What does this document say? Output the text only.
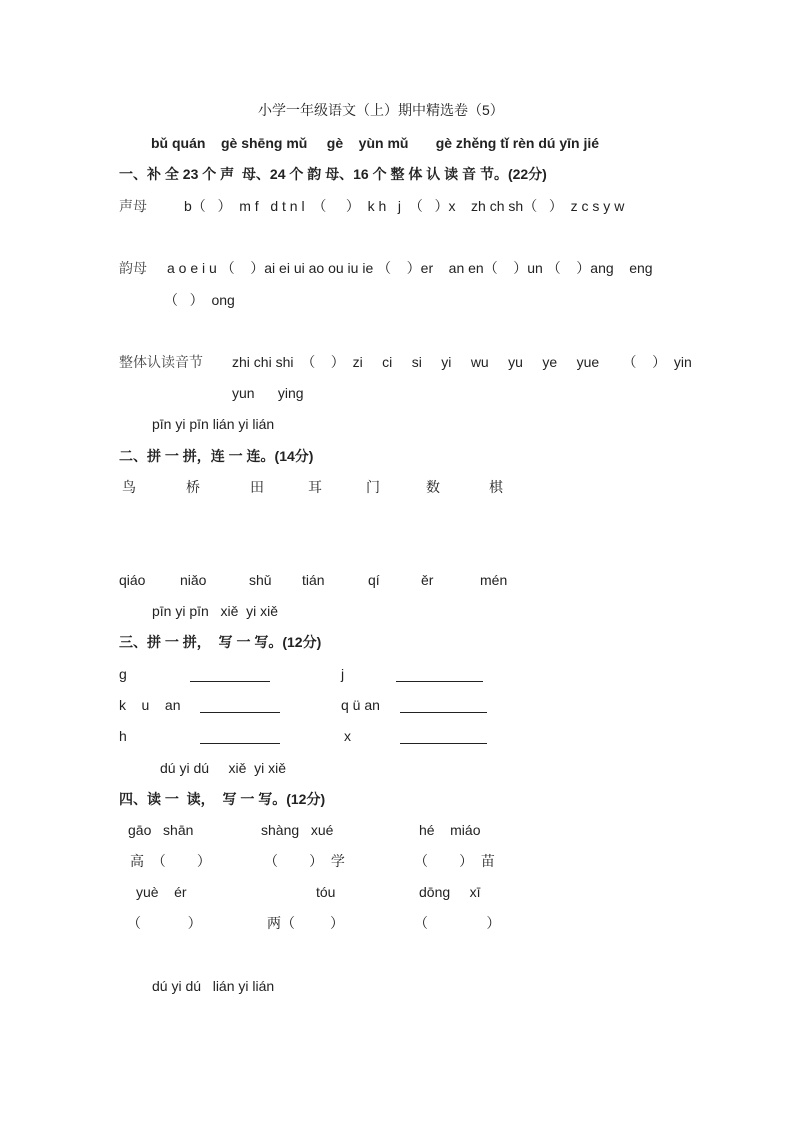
小学一年级语文（上）期中精选卷（5）
bǔ quán    gè shēng mǔ     gè    yùn mǔ       gè zhěng tǐ rèn dú yīn jié
一、补 全 23 个 声  母、24 个 韵 母、16 个 整 体 认 读 音 节。(22分)
声母	b（   ）  m f   d t n l  （     ）  k h   j  （   ）x    zh ch sh（   ）  z c s y w
韵母 a o e i u （    ）ai ei ui ao ou iu ie （    ）er    an en（    ）un （    ）ang    eng
（   ）  ong
整体认读音节 zhi chi shi  （    ）  zi     ci     si     yi     wu     yu     ye     yue      （    ）  yin
yun      ying
pīn yi pīn lián yi lián
二、拼 一 拼，连 一 连。(14分)
鸟	桥	田	耳	门	数	棋
qiáo niǎo	shǔ tián	qí	ěr	mén
pīn yi pīn   xiě  yi xiě
三、拼 一 拼，  写 一 写。(12分)
g	j
k    u    an	q ü an
h	x
dú yi dú     xiě  yi xiě
四、读 一  读，  写 一 写。(12分)
gāo   shān	shàng   xué	hé    miáo
高  （        ）	（        ）  学	（        ）  苗
yuè    ér	tóu	dōng     xī
（            ）	两（         ）	（               ）
dú yi dú   lián yi lián
